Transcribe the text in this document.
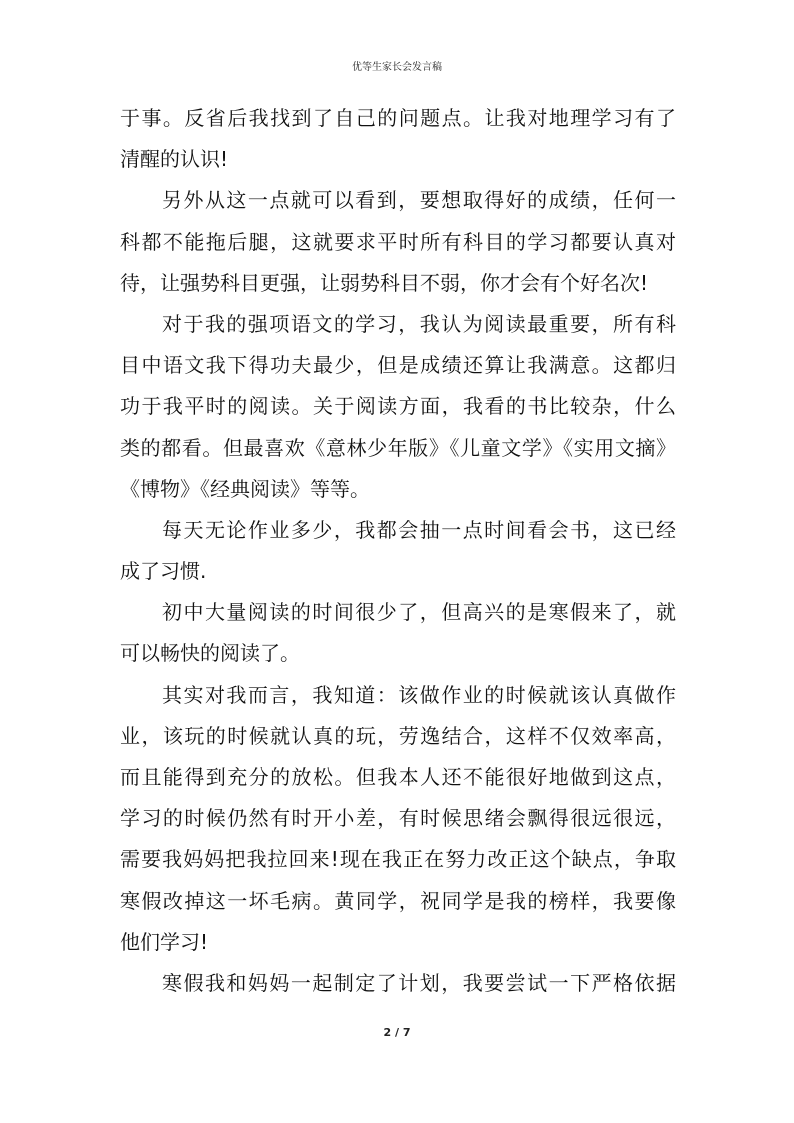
优等生家长会发言稿
于事。反省后我找到了自己的问题点。让我对地理学习有了
清醒的认识!
另外从这一点就可以看到，要想取得好的成绩，任何一
科都不能拖后腿，这就要求平时所有科目的学习都要认真对
待，让强势科目更强，让弱势科目不弱，你才会有个好名次!
对于我的强项语文的学习，我认为阅读最重要，所有科
目中语文我下得功夫最少，但是成绩还算让我满意。这都归
功于我平时的阅读。关于阅读方面，我看的书比较杂，什么
类的都看。但最喜欢《意林少年版》《儿童文学》《实用文摘》
《博物》《经典阅读》等等。
每天无论作业多少，我都会抽一点时间看会书，这已经
成了习惯.
初中大量阅读的时间很少了，但高兴的是寒假来了，就
可以畅快的阅读了。
其实对我而言，我知道：该做作业的时候就该认真做作
业，该玩的时候就认真的玩，劳逸结合，这样不仅效率高，
而且能得到充分的放松。但我本人还不能很好地做到这点，
学习的时候仍然有时开小差，有时候思绪会飘得很远很远，
需要我妈妈把我拉回来!现在我正在努力改正这个缺点，争取
寒假改掉这一坏毛病。黄同学，祝同学是我的榜样，我要像
他们学习!
寒假我和妈妈一起制定了计划，我要尝试一下严格依据
2 / 7
